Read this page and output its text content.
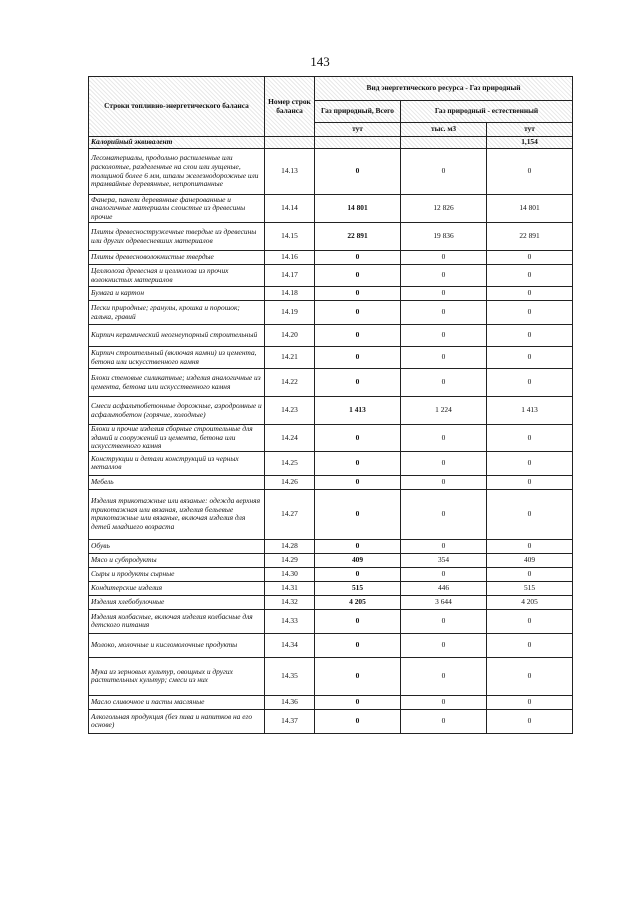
143
Строки топливно-энергетического баланса	Номер строк баланса	Вид энергетического ресурса - Газ природный		
		Газ природный, Всего	Газ природный - естественный	
		тут	тыс. м3	тут
Калорийный эквивалент				1,154
Лесоматериалы, продольно распиленные или расколотые, разделенные на слои или лущеные, толщиной более 6 мм, шпалы железнодорожные или трамвайные деревянные, непропитанные	14.13	0	0	0
Фанера, панели деревянные фанерованные и аналогичные материалы слоистые из древесины прочие	14.14	14 801	12 826	14 801
Плиты древесностружечные твердые из древесины или других одревесневших материалов	14.15	22 891	19 836	22 891
Плиты древесноволокнистые твердые	14.16	0	0	0
Целлюлоза древесная и целлюлоза из прочих волокнистых материалов	14.17	0	0	0
Бумага и картон	14.18	0	0	0
Пески природные; гранулы, крошка и порошок; галька, гравий	14.19	0	0	0
Кирпич керамический неогнеупорный строительный	14.20	0	0	0
Кирпич строительный (включая камни) из цемента, бетона или искусственного камня	14.21	0	0	0
Блоки стеновые силикатные; изделия аналогичные из цемента, бетона или искусственного камня	14.22	0	0	0
Смеси асфальтобетонные дорожные, аэродромные и асфальтобетон (горячие, холодные)	14.23	1 413	1 224	1 413
Блоки и прочие изделия сборные строительные для зданий и сооружений из цемента, бетона или искусственного камня	14.24	0	0	0
Конструкции и детали конструкций из черных металлов	14.25	0	0	0
Мебель	14.26	0	0	0
Изделия трикотажные или вязаные: одежда верхняя трикотажная или вязаная, изделия бельевые трикотажные или вязаные, включая изделия для детей младшего возраста	14.27	0	0	0
Обувь	14.28	0	0	0
Мясо и субпродукты	14.29	409	354	409
Сыры и продукты сырные	14.30	0	0	0
Кондитерские изделия	14.31	515	446	515
Изделия хлебобулочные	14.32	4 205	3 644	4 205
Изделия колбасные, включая изделия колбасные для детского питания	14.33	0	0	0
Молоко, молочные и кисломолочные продукты	14.34	0	0	0
Мука из зерновых культур, овощных и других растительных культур; смеси из них	14.35	0	0	0
Масло сливочное и пасты масляные	14.36	0	0	0
Алкогольная продукция (без пива и напитков на его основе)	14.37	0	0	0
